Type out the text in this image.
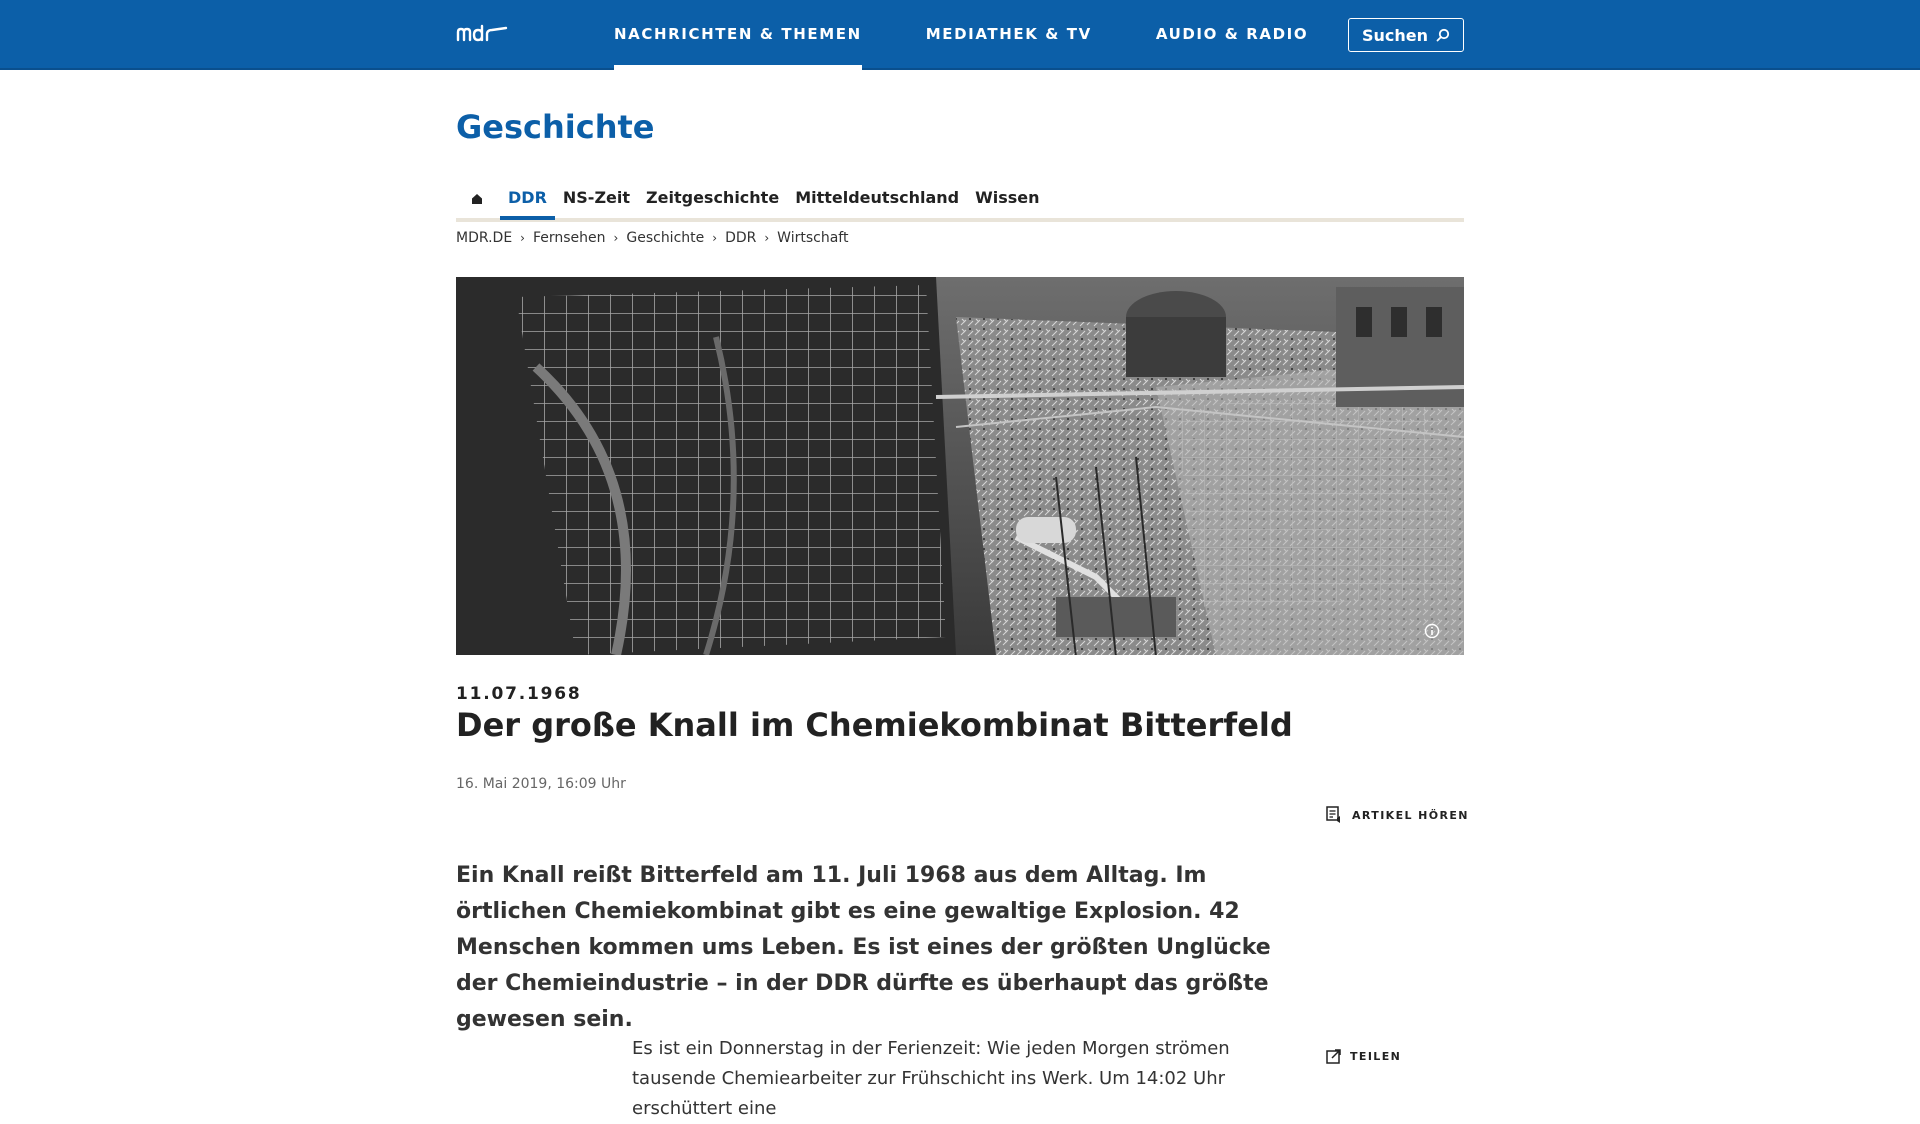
NACHRICHTEN & THEMEN	MEDIATHEK & TV	AUDIO & RADIO	Suchen
Geschichte
DDR	NS-Zeit	Zeitgeschichte	Mitteldeutschland	Wissen
MDR.DE › Fernsehen › Geschichte › DDR › Wirtschaft
11.07.1968
Der große Knall im Chemiekombinat Bitterfeld
16. Mai 2019, 16:09 Uhr
ARTIKEL HÖREN

Ein Knall reißt Bitterfeld am 11. Juli 1968 aus dem Alltag. Im örtlichen Chemiekombinat gibt es eine gewaltige Explosion. 42 Menschen kommen ums Leben. Es ist eines der größten Unglücke der Chemieindustrie – in der DDR dürfte es überhaupt das größte gewesen sein.

Es ist ein Donnerstag in der Ferienzeit: Wie jeden Morgen strömen tausende Chemiearbeiter zur Frühschicht ins Werk. Um 14:02 Uhr erschüttert eine

TEILEN
